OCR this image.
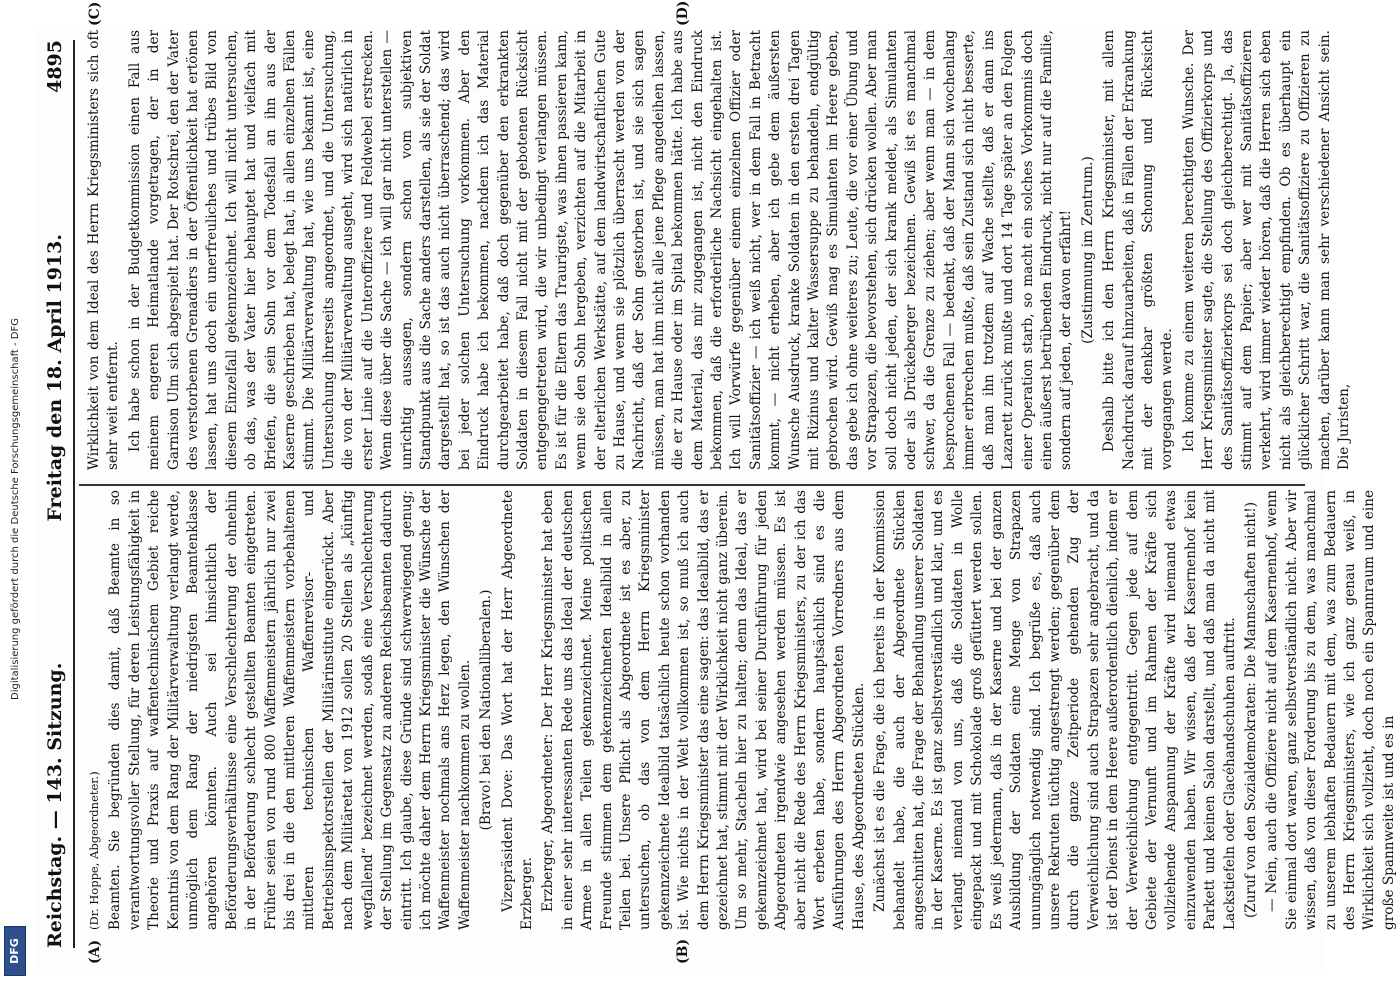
DFG
Digitalisierung gefördert durch die Deutsche Forschungsgemeinschaft - DFG
Reichstag. — 143. Sitzung.
Freitag den 18. April 1913.
4895
(A)	(B)
(C)	(D)

(Dr. Hoppe, Abgeordneter.) Beamten. Sie begründen dies damit, daß Beamte in so verantwortungsvoller Stellung, für deren Leistungsfähigkeit in Theorie und Praxis auf waffentechnischem Gebiet reiche Kenntnis von dem Rang der Militärverwaltung verlangt werde, unmöglich dem Rang der niedrigsten Beamtenklasse angehören könnten. Auch sei hinsichtlich der Beförderungsverhältnisse eine Verschlechterung der ohnehin in der Beförderung schlecht gestellten Beamten eingetreten. Früher seien von rund 800 Waffenmeistern jährlich nur zwei bis drei in die den mittleren Waffenmeistern vorbehaltenen mittleren technischen Waffenrevisor- und Betriebsinspektorstellen der Militärinstitute eingerückt. Aber nach dem Militäretat von 1912 sollen 20 Stellen als „künftig wegfallend“ bezeichnet werden, sodaß eine Verschlechterung der Stellung im Gegensatz zu anderen Reichsbeamten dadurch eintritt. Ich glaube, diese Gründe sind schwerwiegend genug; ich möchte daher dem Herrn Kriegsminister die Wünsche der Waffenmeister nochmals ans Herz legen, den Wünschen der Waffenmeister nachkommen zu wollen. (Bravo! bei den Nationalliberalen.) Vizepräsident Dove: Das Wort hat der Herr Abgeordnete Erzberger. Erzberger, Abgeordneter: Der Herr Kriegsminister hat eben in einer sehr interessanten Rede uns das Ideal der deutschen Armee in allen Teilen gekennzeichnet. Meine politischen Freunde stimmen dem gekennzeichneten Idealbild in allen Teilen bei. Unsere Pflicht als Abgeordnete ist es aber, zu untersuchen, ob das von dem Herrn Kriegsminister gekennzeichnete Idealbild tatsächlich heute schon vorhanden ist. Wie nichts in der Welt vollkommen ist, so muß ich auch dem Herrn Kriegsminister das eine sagen: das Idealbild, das er gezeichnet hat, stimmt mit der Wirklichkeit nicht ganz überein. Um so mehr, Stacheln hier zu halten; denn das Ideal, das er gekennzeichnet hat, wird bei seiner Durchführung für jeden Abgeordneten irgendwie angesehen werden müssen. Es ist aber nicht die Rede des Herrn Kriegsministers, zu der ich das Wort erbeten habe, sondern hauptsächlich sind es die Ausführungen des Herrn Abgeordneten Vorredners aus dem Hause, des Abgeordneten Stücklen. Zunächst ist es die Frage, die ich bereits in der Kommission behandelt habe, die auch der Abgeordnete Stücklen angeschnitten hat, die Frage der Behandlung unserer Soldaten in der Kaserne. Es ist ganz selbstverständlich und klar, und es verlangt niemand von uns, daß die Soldaten in Wolle eingepackt und mit Schokolade groß gefüttert werden sollen. Es weiß jedermann, daß in der Kaserne und bei der ganzen Ausbildung der Soldaten eine Menge von Strapazen unumgänglich notwendig sind. Ich begrüße es, daß auch unsere Rekruten tüchtig angestrengt werden; gegenüber dem durch die ganze Zeitperiode gehenden Zug der Verweichlichung sind auch Strapazen sehr angebracht, und da ist der Dienst in dem Heere außerordentlich dienlich, indem er der Verweichlichung entgegentritt. Gegen jede auf dem Gebiete der Vernunft und im Rahmen der Kräfte sich vollziehende Anspannung der Kräfte wird niemand etwas einzuwenden haben. Wir wissen, daß der Kasernenhof kein Parkett und keinen Salon darstellt, und daß man da nicht mit Lackstiefeln oder Glacéhandschuhen auftritt. (Zuruf von den Sozialdemokraten: Die Mannschaften nicht!) — Nein, auch die Offiziere nicht auf dem Kasernenhof, wenn Sie einmal dort waren, ganz selbstverständlich nicht. Aber wir wissen, daß von dieser Forderung bis zu dem, was manchmal zu unserem lebhaften Bedauern mit dem, was zum Bedauern des Herrn Kriegsministers, wie ich ganz genau weiß, in Wirklichkeit sich vollzieht, doch noch ein Spannraum und eine große Spannweite ist und es in

Wirklichkeit von dem Ideal des Herrn Kriegsministers sich oft sehr weit entfernt. Ich habe schon in der Budgetkommission einen Fall aus meinem engeren Heimatlande vorgetragen, der in der Garnison Ulm sich abgespielt hat. Der Rotschrei, den der Vater des verstorbenen Grenadiers in der Öffentlichkeit hat ertönen lassen, hat uns doch ein unerfreuliches und trübes Bild von diesem Einzelfall gekennzeichnet. Ich will nicht untersuchen, ob das, was der Vater hier behauptet hat und vielfach mit Briefen, die sein Sohn vor dem Todesfall an ihn aus der Kaserne geschrieben hat, belegt hat, in allen einzelnen Fällen stimmt. Die Militärverwaltung hat, wie uns bekannt ist, eine Untersuchung ihrerseits angeordnet, und die Untersuchung, die von der Militärverwaltung ausgeht, wird sich natürlich in erster Linie auf die Unteroffiziere und Feldwebel erstrecken. Wenn diese über die Sache — ich will gar nicht unterstellen — unrichtig aussagen, sondern schon vom subjektiven Standpunkt aus die Sache anders darstellen, als sie der Soldat dargestellt hat, so ist das auch nicht überraschend; das wird bei jeder solchen Untersuchung vorkommen. Aber den Eindruck habe ich bekommen, nachdem ich das Material durchgearbeitet habe, daß doch gegenüber den erkrankten Soldaten in diesem Fall nicht mit der gebotenen Rücksicht entgegengetreten wird, die wir unbedingt verlangen müssen. Es ist für die Eltern das Traurigste, was ihnen passieren kann, wenn sie den Sohn hergeben, verzichten auf die Mitarbeit in der elterlichen Werkstätte, auf dem landwirtschaftlichen Gute zu Hause, und wenn sie plötzlich überrascht werden von der Nachricht, daß der Sohn gestorben ist, und sie sich sagen müssen, man hat ihm nicht alle jene Pflege angedeihen lassen, die er zu Hause oder im Spital bekommen hätte. Ich habe aus dem Material, das mir zugegangen ist, nicht den Eindruck bekommen, daß die erforderliche Nachsicht eingehalten ist. Ich will Vorwürfe gegenüber einem einzelnen Offizier oder Sanitätsoffizier — ich weiß nicht, wer in dem Fall in Betracht kommt, — nicht erheben, aber ich gebe dem äußersten Wunsche Ausdruck, kranke Soldaten in den ersten drei Tagen mit Rizinus und kalter Wassersuppe zu behandeln, endgültig gebrochen wird. Gewiß mag es Simulanten im Heere geben, das gebe ich ohne weiteres zu; Leute, die vor einer Übung und vor Strapazen, die bevorstehen, sich drücken wollen. Aber man soll doch nicht jeden, der sich krank meldet, als Simulanten oder als Drückeberger bezeichnen. Gewiß ist es manchmal schwer, da die Grenze zu ziehen; aber wenn man — in dem besprochenen Fall — bedenkt, daß der Mann sich wochenlang immer erbrechen mußte, daß sein Zustand sich nicht besserte, daß man ihn trotzdem auf Wache stellte, daß er dann ins Lazarett zurück mußte und dort 14 Tage später an den Folgen einer Operation starb, so macht ein solches Vorkommnis doch einen äußerst betrübenden Eindruck, nicht nur auf die Familie, sondern auf jeden, der davon erfährt! (Zustimmung im Zentrum.) Deshalb bitte ich den Herrn Kriegsminister, mit allem Nachdruck darauf hinzuarbeiten, daß in Fällen der Erkrankung mit der denkbar größten Schonung und Rücksicht vorgegangen werde. Ich komme zu einem weiteren berechtigten Wunsche. Der Herr Kriegsminister sagte, die Stellung des Offizierkorps und des Sanitätsoffizierkorps sei doch gleichberechtigt. Ja, das stimmt auf dem Papier; aber wer mit Sanitätsoffizieren verkehrt, wird immer wieder hören, daß die Herren sich eben nicht als gleichberechtigt empfinden. Ob es überhaupt ein glücklicher Schritt war, die Sanitätsoffiziere zu Offizieren zu machen, darüber kann man sehr verschiedener Ansicht sein. Die Juristen,
